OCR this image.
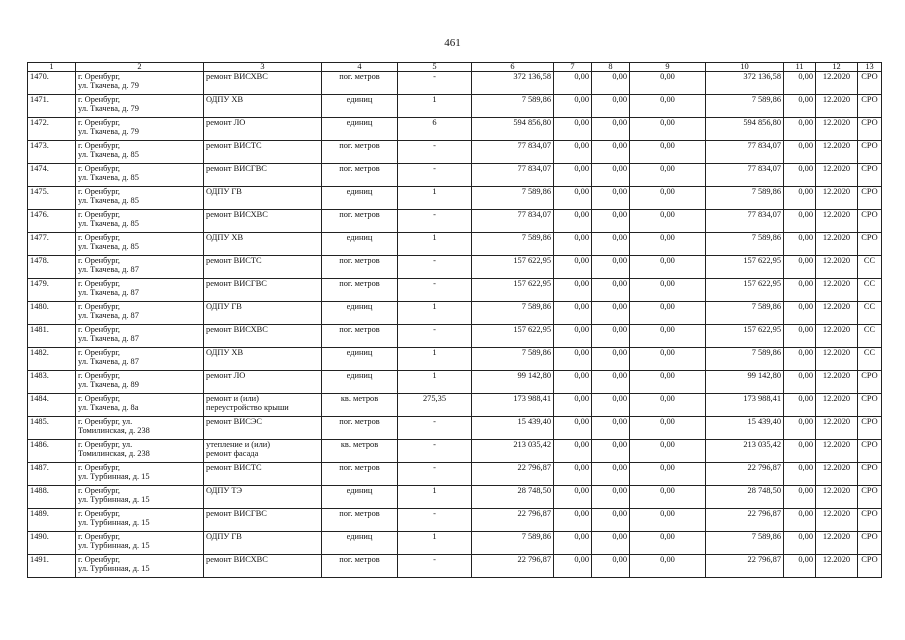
461
1	2	3	4	5	6	7	8	9	10	11	12	13
1470.	г. Оренбург,
ул. Ткачева, д. 79	ремонт ВИСХВС	пог. метров	-	372 136,58	0,00	0,00	0,00	372 136,58	0,00	12.2020	СРО
1471.	г. Оренбург,
ул. Ткачева, д. 79	ОДПУ ХВ	единиц	1	7 589,86	0,00	0,00	0,00	7 589,86	0,00	12.2020	СРО
1472.	г. Оренбург,
ул. Ткачева, д. 79	ремонт ЛО	единиц	6	594 856,80	0,00	0,00	0,00	594 856,80	0,00	12.2020	СРО
1473.	г. Оренбург,
ул. Ткачева, д. 85	ремонт ВИСТС	пог. метров	-	77 834,07	0,00	0,00	0,00	77 834,07	0,00	12.2020	СРО
1474.	г. Оренбург,
ул. Ткачева, д. 85	ремонт ВИСГВС	пог. метров	-	77 834,07	0,00	0,00	0,00	77 834,07	0,00	12.2020	СРО
1475.	г. Оренбург,
ул. Ткачева, д. 85	ОДПУ ГВ	единиц	1	7 589,86	0,00	0,00	0,00	7 589,86	0,00	12.2020	СРО
1476.	г. Оренбург,
ул. Ткачева, д. 85	ремонт ВИСХВС	пог. метров	-	77 834,07	0,00	0,00	0,00	77 834,07	0,00	12.2020	СРО
1477.	г. Оренбург,
ул. Ткачева, д. 85	ОДПУ ХВ	единиц	1	7 589,86	0,00	0,00	0,00	7 589,86	0,00	12.2020	СРО
1478.	г. Оренбург,
ул. Ткачева, д. 87	ремонт ВИСТС	пог. метров	-	157 622,95	0,00	0,00	0,00	157 622,95	0,00	12.2020	СС
1479.	г. Оренбург,
ул. Ткачева, д. 87	ремонт ВИСГВС	пог. метров	-	157 622,95	0,00	0,00	0,00	157 622,95	0,00	12.2020	СС
1480.	г. Оренбург,
ул. Ткачева, д. 87	ОДПУ ГВ	единиц	1	7 589,86	0,00	0,00	0,00	7 589,86	0,00	12.2020	СС
1481.	г. Оренбург,
ул. Ткачева, д. 87	ремонт ВИСХВС	пог. метров	-	157 622,95	0,00	0,00	0,00	157 622,95	0,00	12.2020	СС
1482.	г. Оренбург,
ул. Ткачева, д. 87	ОДПУ ХВ	единиц	1	7 589,86	0,00	0,00	0,00	7 589,86	0,00	12.2020	СС
1483.	г. Оренбург,
ул. Ткачева, д. 89	ремонт ЛО	единиц	1	99 142,80	0,00	0,00	0,00	99 142,80	0,00	12.2020	СРО
1484.	г. Оренбург,
ул. Ткачева, д. 8а	ремонт и (или)
переустройство крыши	кв. метров	275,35	173 988,41	0,00	0,00	0,00	173 988,41	0,00	12.2020	СРО
1485.	г. Оренбург, ул.
Томилинская, д. 238	ремонт ВИСЭС	пог. метров	-	15 439,40	0,00	0,00	0,00	15 439,40	0,00	12.2020	СРО
1486.	г. Оренбург, ул.
Томилинская, д. 238	утепление и (или)
ремонт фасада	кв. метров	-	213 035,42	0,00	0,00	0,00	213 035,42	0,00	12.2020	СРО
1487.	г. Оренбург,
ул. Турбинная, д. 15	ремонт ВИСТС	пог. метров	-	22 796,87	0,00	0,00	0,00	22 796,87	0,00	12.2020	СРО
1488.	г. Оренбург,
ул. Турбинная, д. 15	ОДПУ ТЭ	единиц	1	28 748,50	0,00	0,00	0,00	28 748,50	0,00	12.2020	СРО
1489.	г. Оренбург,
ул. Турбинная, д. 15	ремонт ВИСГВС	пог. метров	-	22 796,87	0,00	0,00	0,00	22 796,87	0,00	12.2020	СРО
1490.	г. Оренбург,
ул. Турбинная, д. 15	ОДПУ ГВ	единиц	1	7 589,86	0,00	0,00	0,00	7 589,86	0,00	12.2020	СРО
1491.	г. Оренбург,
ул. Турбинная, д. 15	ремонт ВИСХВС	пог. метров	-	22 796,87	0,00	0,00	0,00	22 796,87	0,00	12.2020	СРО
